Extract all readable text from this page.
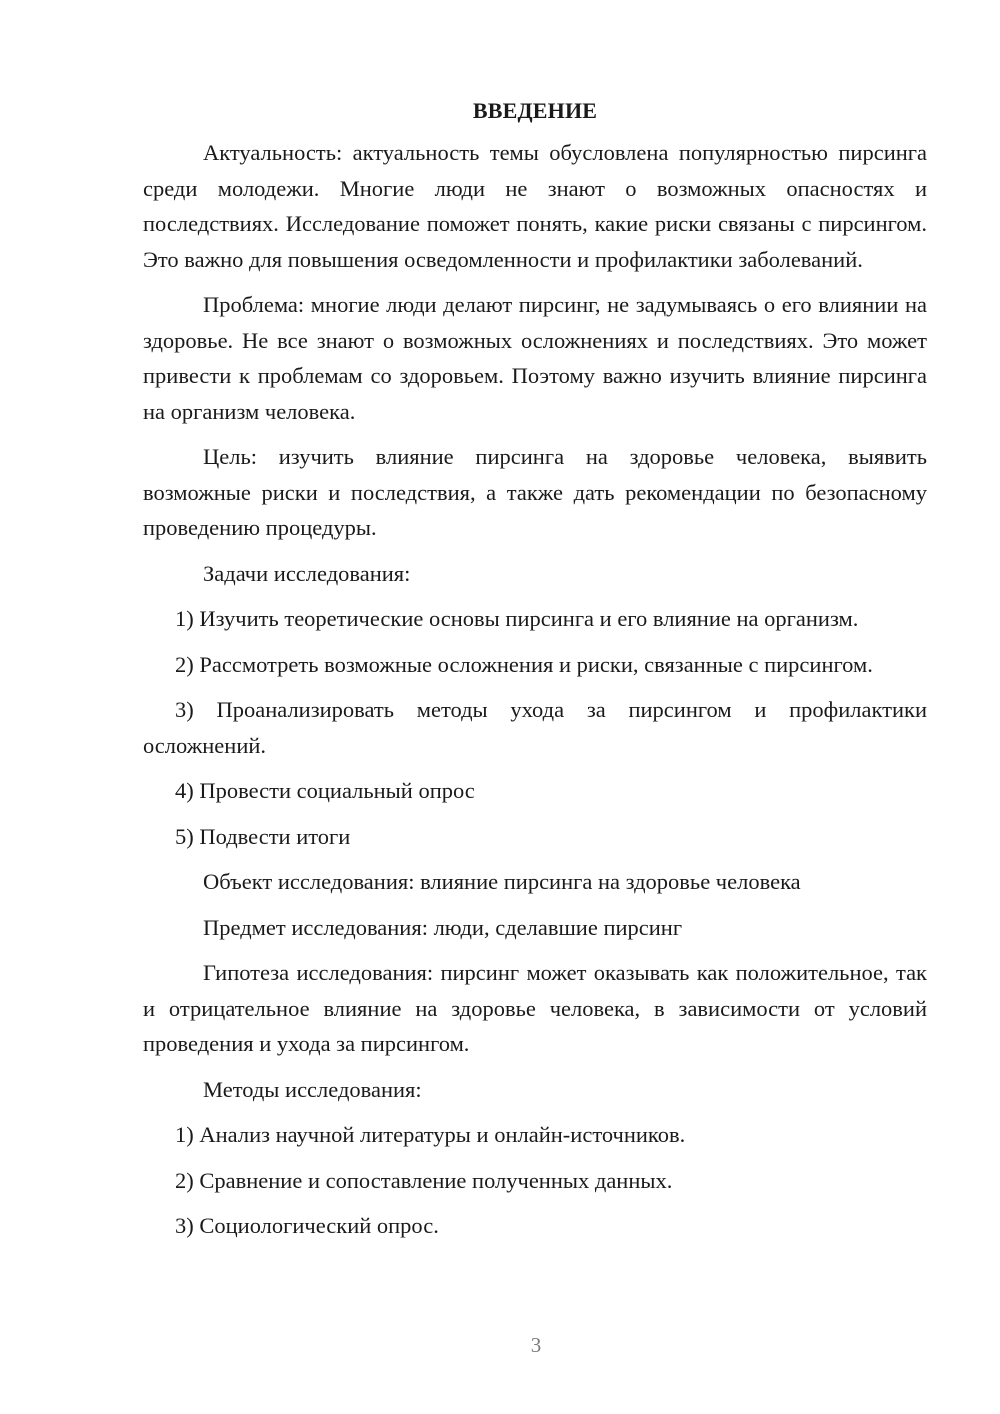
ВВЕДЕНИЕ

Актуальность: актуальность темы обусловлена популярностью пирсинга среди молодежи. Многие люди не знают о возможных опасностях и последствиях. Исследование поможет понять, какие риски связаны с пирсингом. Это важно для повышения осведомленности и профилактики заболеваний.

Проблема: многие люди делают пирсинг, не задумываясь о его влиянии на здоровье. Не все знают о возможных осложнениях и последствиях. Это может привести к проблемам со здоровьем. Поэтому важно изучить влияние пирсинга на организм человека.

Цель: изучить влияние пирсинга на здоровье человека, выявить возможные риски и последствия, а также дать рекомендации по безопасному проведению процедуры.

Задачи исследования:

1) Изучить теоретические основы пирсинга и его влияние на организм.

2) Рассмотреть возможные осложнения и риски, связанные с пирсингом.

3) Проанализировать методы ухода за пирсингом и профилактики осложнений.

4) Провести социальный опрос

5) Подвести итоги

Объект исследования: влияние пирсинга на здоровье человека

Предмет исследования: люди, сделавшие пирсинг

Гипотеза исследования: пирсинг может оказывать как положительное, так и отрицательное влияние на здоровье человека, в зависимости от условий проведения и ухода за пирсингом.

Методы исследования:

1) Анализ научной литературы и онлайн-источников.

2) Сравнение и сопоставление полученных данных.

3) Социологический опрос.

3
